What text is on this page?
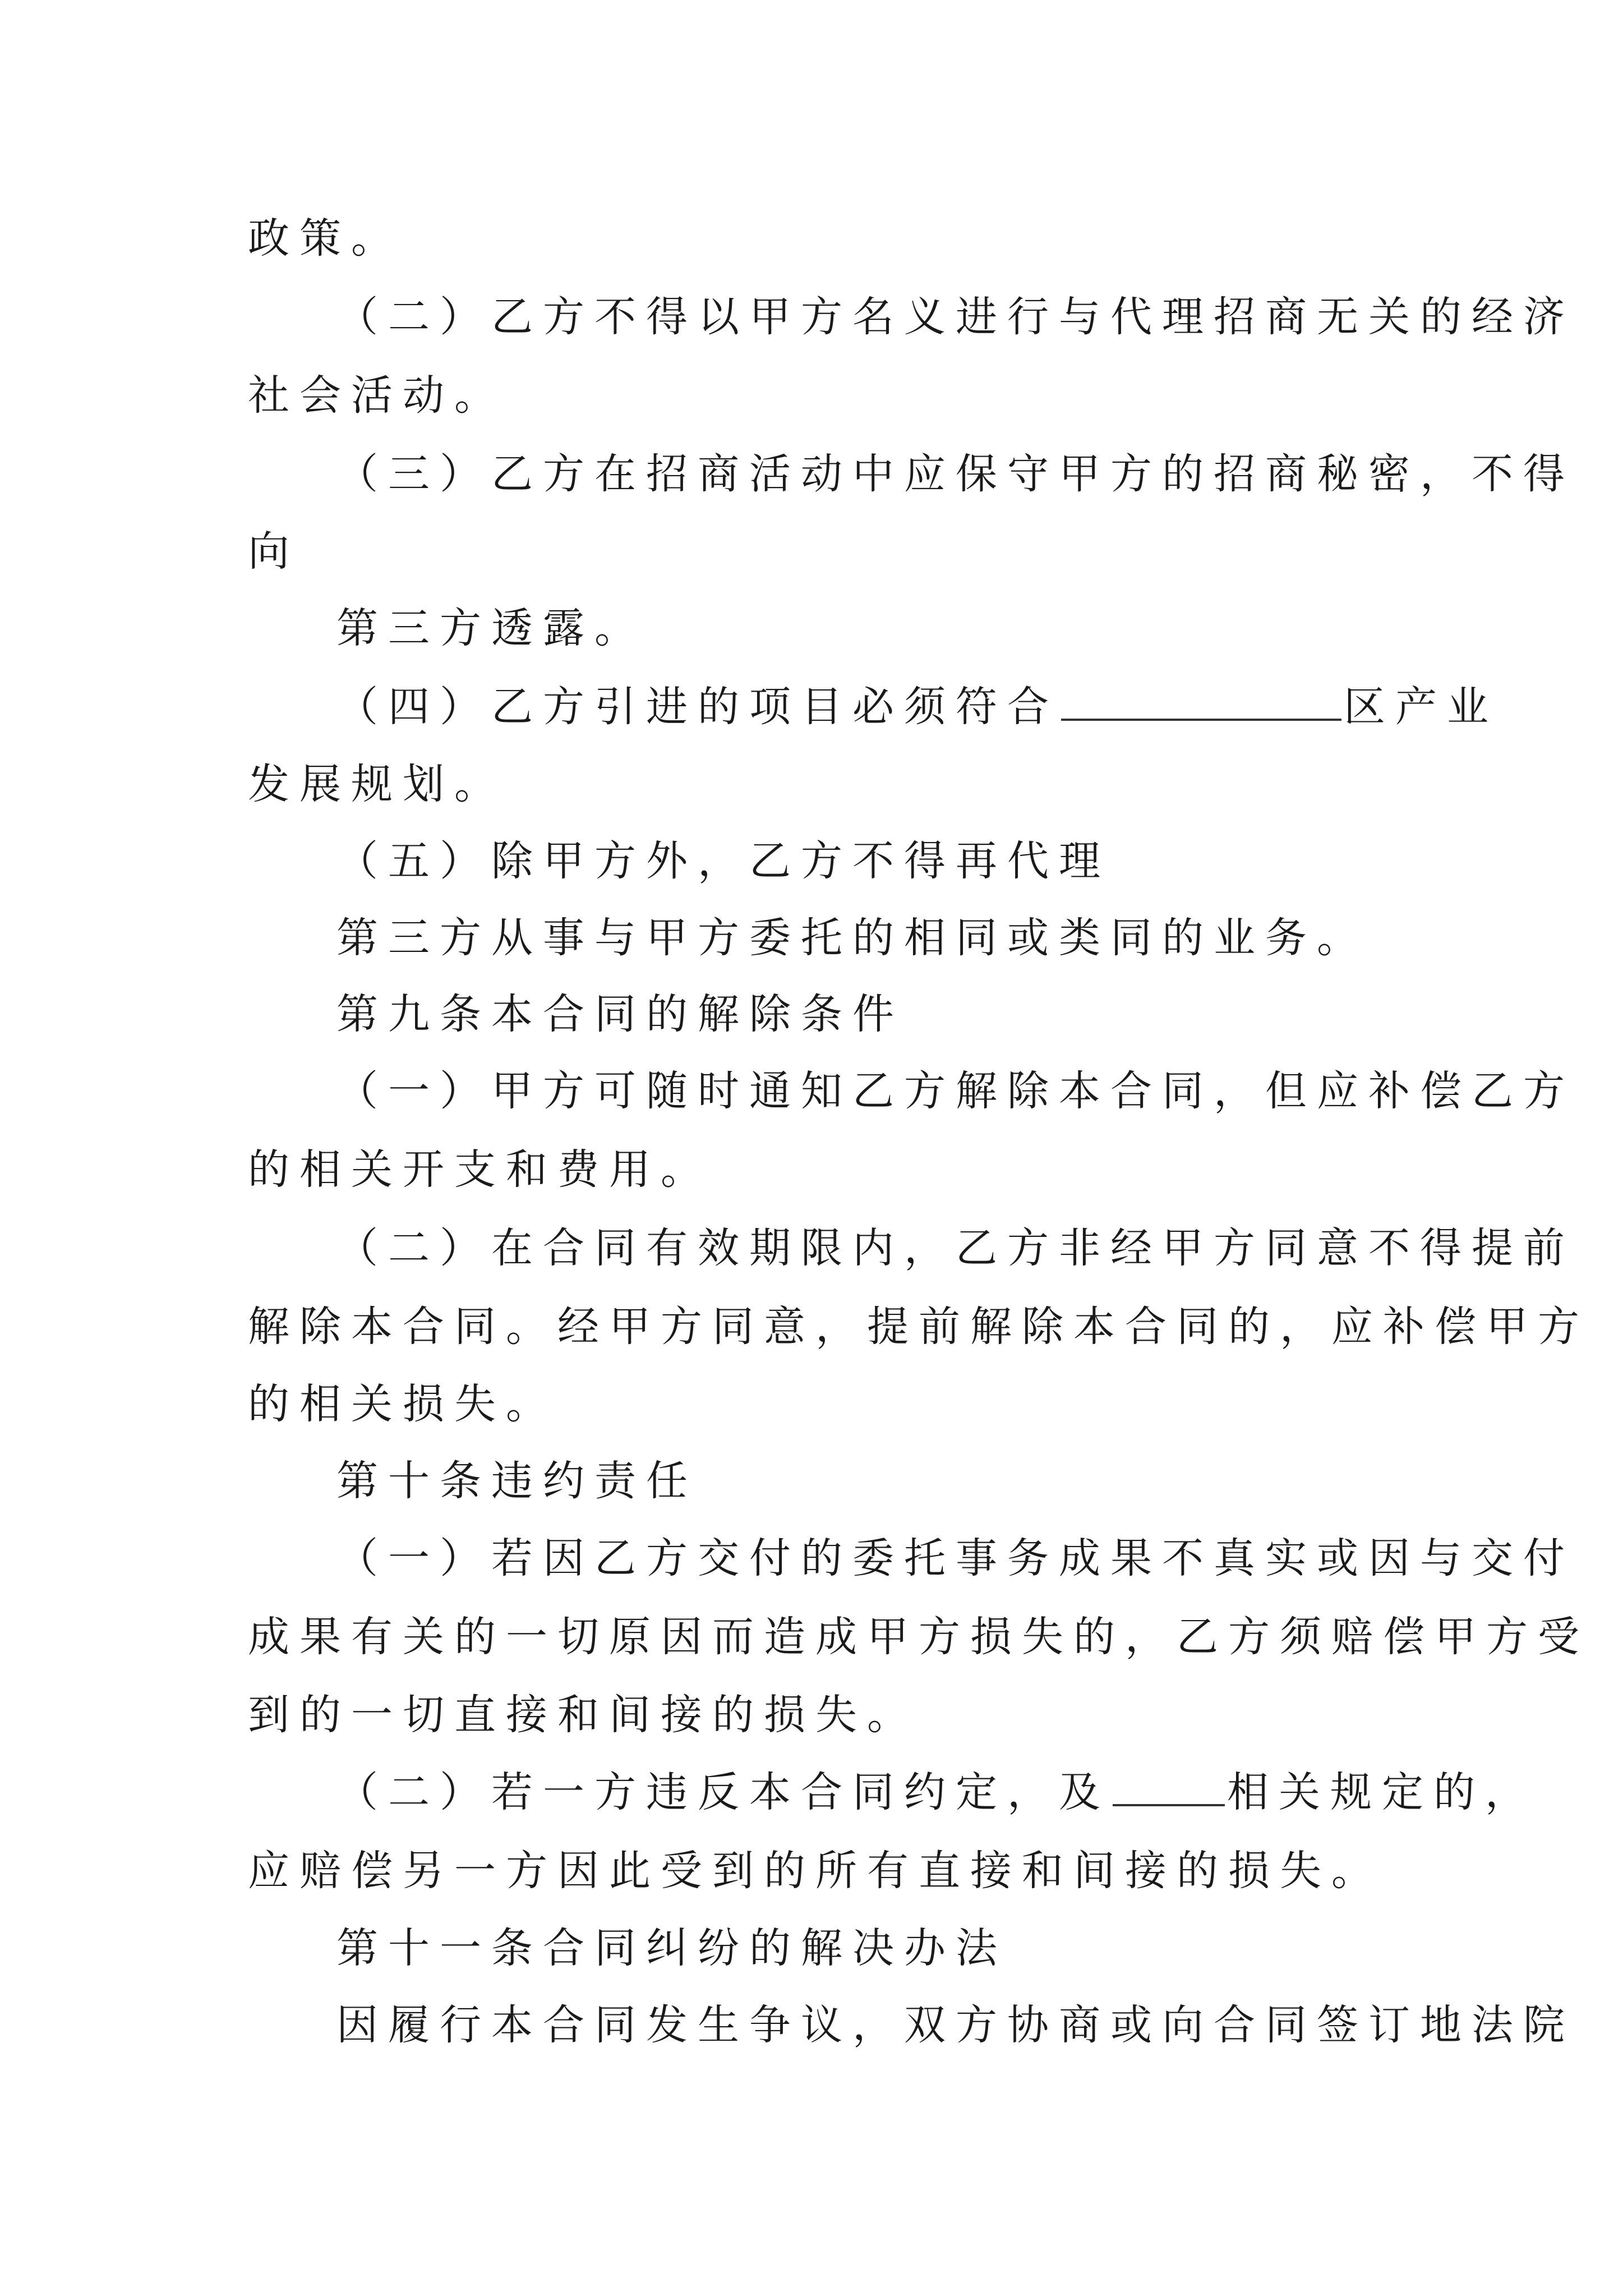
政策。
（二）乙方不得以甲方名义进行与代理招商无关的经济
社会活动。
（三）乙方在招商活动中应保守甲方的招商秘密，不得
向
第三方透露。
（四）乙方引进的项目必须符合	区产业
发展规划。
（五）除甲方外，乙方不得再代理
第三方从事与甲方委托的相同或类同的业务。
第九条本合同的解除条件
（一）甲方可随时通知乙方解除本合同，但应补偿乙方
的相关开支和费用。
（二）在合同有效期限内，乙方非经甲方同意不得提前
解除本合同。经甲方同意，提前解除本合同的，应补偿甲方
的相关损失。
第十条违约责任
（一）若因乙方交付的委托事务成果不真实或因与交付
成果有关的一切原因而造成甲方损失的，乙方须赔偿甲方受
到的一切直接和间接的损失。
（二）若一方违反本合同约定，及	相关规定的，
应赔偿另一方因此受到的所有直接和间接的损失。
第十一条合同纠纷的解决办法
因履行本合同发生争议，双方协商或向合同签订地法院
